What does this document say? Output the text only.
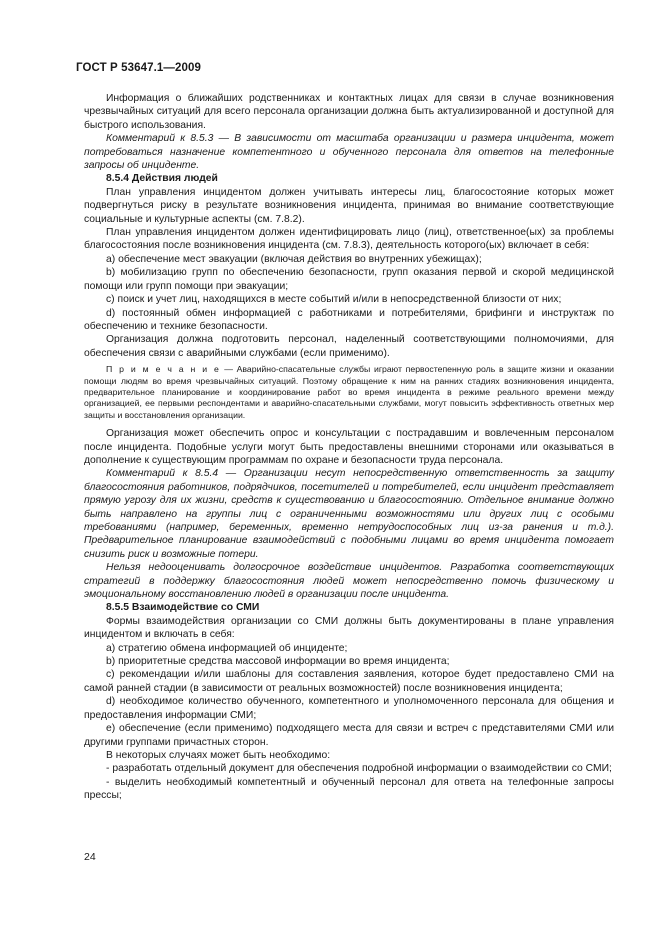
ГОСТ Р 53647.1—2009

Информация о ближайших родственниках и контактных лицах для связи в случае возникновения чрезвычайных ситуаций для всего персонала организации должна быть актуализированной и доступной для быстрого использования.

Комментарий к 8.5.3 — В зависимости от масштаба организации и размера инцидента, может потребоваться назначение компетентного и обученного персонала для ответов на телефонные запросы об инциденте.

8.5.4 Действия людей

План управления инцидентом должен учитывать интересы лиц, благосостояние которых может подвергнуться риску в результате возникновения инцидента, принимая во внимание соответствующие социальные и культурные аспекты (см. 7.8.2).

План управления инцидентом должен идентифицировать лицо (лиц), ответственное(ых) за проблемы благосостояния после возникновения инцидента (см. 7.8.3), деятельность которого(ых) включает в себя:

а) обеспечение мест эвакуации (включая действия во внутренних убежищах);

b) мобилизацию групп по обеспечению безопасности, групп оказания первой и скорой медицинской помощи или групп помощи при эвакуации;

c) поиск и учет лиц, находящихся в месте событий и/или в непосредственной близости от них;

d) постоянный обмен информацией с работниками и потребителями, брифинги и инструктаж по обеспечению и технике безопасности.

Организация должна подготовить персонал, наделенный соответствующими полномочиями, для обеспечения связи с аварийными службами (если применимо).

П р и м е ч а н и е — Аварийно-спасательные службы играют первостепенную роль в защите жизни и оказании помощи людям во время чрезвычайных ситуаций. Поэтому обращение к ним на ранних стадиях возникновения инцидента, предварительное планирование и координирование работ во время инцидента в режиме реального времени между организацией, ее первыми респондентами и аварийно-спасательными службами, могут повысить эффективность ответных мер защиты и восстановления организации.

Организация может обеспечить опрос и консультации с пострадавшим и вовлеченным персоналом после инцидента. Подобные услуги могут быть предоставлены внешними сторонами или оказываться в дополнение к существующим программам по охране и безопасности труда персонала.

Комментарий к 8.5.4 — Организации несут непосредственную ответственность за защиту благосостояния работников, подрядчиков, посетителей и потребителей, если инцидент представляет прямую угрозу для их жизни, средств к существованию и благосостоянию. Отдельное внимание должно быть направлено на группы лиц с ограниченными возможностями или других лиц с особыми требованиями (например, беременных, временно нетрудоспособных лиц из-за ранения и т.д.). Предварительное планирование взаимодействий с подобными лицами во время инцидента помогает снизить риск и возможные потери.

Нельзя недооценивать долгосрочное воздействие инцидентов. Разработка соответствующих стратегий в поддержку благосостояния людей может непосредственно помочь физическому и эмоциональному восстановлению людей в организации после инцидента.

8.5.5 Взаимодействие со СМИ

Формы взаимодействия организации со СМИ должны быть документированы в плане управления инцидентом и включать в себя:

а) стратегию обмена информацией об инциденте;

b) приоритетные средства массовой информации во время инцидента;

c) рекомендации и/или шаблоны для составления заявления, которое будет предоставлено СМИ на самой ранней стадии (в зависимости от реальных возможностей) после возникновения инцидента;

d) необходимое количество обученного, компетентного и уполномоченного персонала для общения и предоставления информации СМИ;

e) обеспечение (если применимо) подходящего места для связи и встреч с представителями СМИ или другими группами причастных сторон.

В некоторых случаях может быть необходимо:

- разработать отдельный документ для обеспечения подробной информации о взаимодействии со СМИ;

- выделить необходимый компетентный и обученный персонал для ответа на телефонные запросы прессы;

24
